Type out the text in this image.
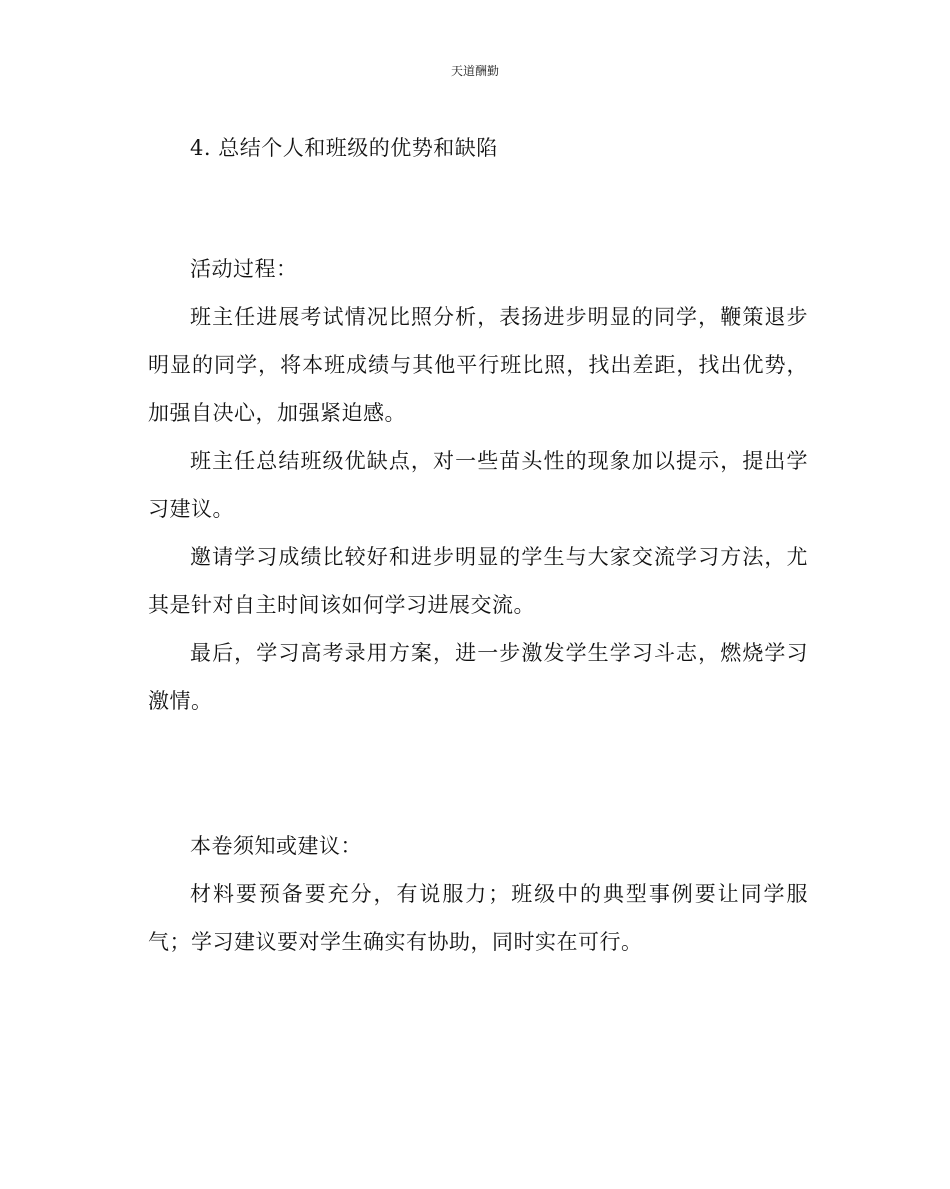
天道酬勤

4. 总结个人和班级的优势和缺陷

活动过程：

班主任进展考试情况比照分析，表扬进步明显的同学，鞭策退步明显的同学，将本班成绩与其他平行班比照，找出差距，找出优势，加强自决心，加强紧迫感。

班主任总结班级优缺点，对一些苗头性的现象加以提示，提出学习建议。

邀请学习成绩比较好和进步明显的学生与大家交流学习方法，尤其是针对自主时间该如何学习进展交流。

最后，学习高考录用方案，进一步激发学生学习斗志，燃烧学习激情。

本卷须知或建议：

材料要预备要充分，有说服力；班级中的典型事例要让同学服气；学习建议要对学生确实有协助，同时实在可行。
